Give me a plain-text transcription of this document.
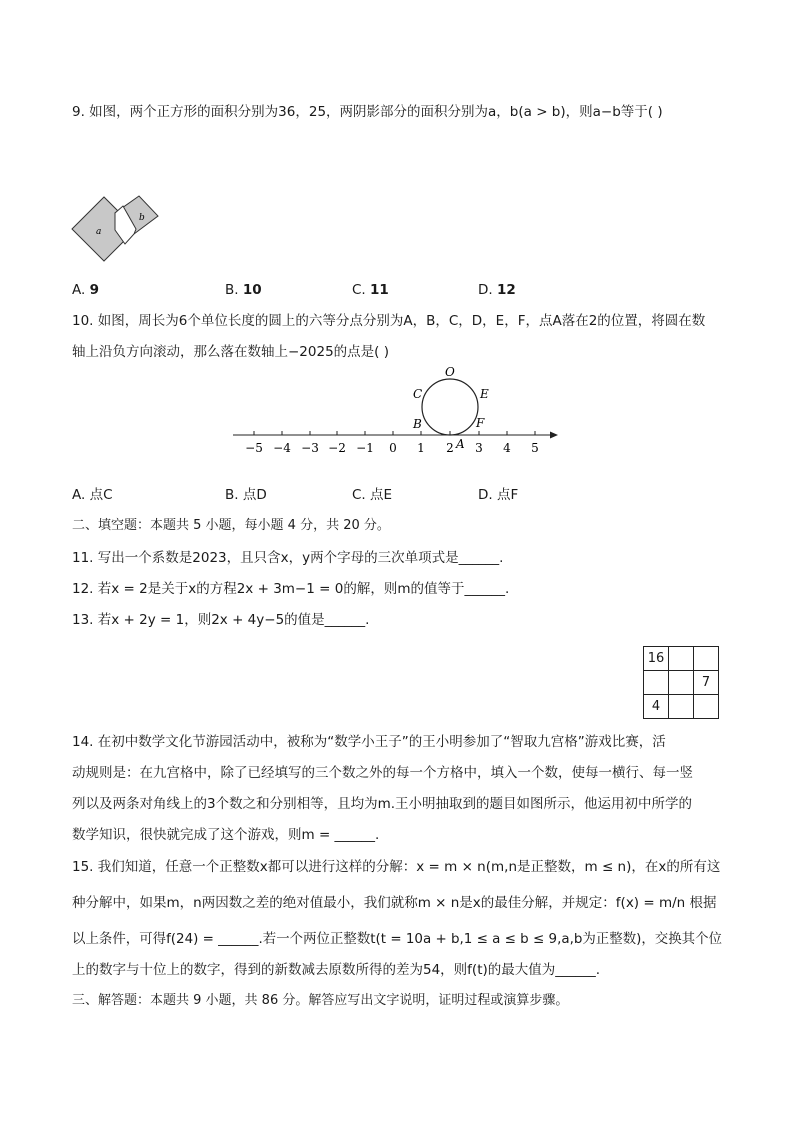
9. 如图，两个正方形的面积分别为36，25，两阴影部分的面积分别为a，b(a > b)，则a−b等于( )
a
b
A. 9	B. 10	C. 11	D. 12
10. 如图，周长为6个单位长度的圆上的六等分点分别为A，B，C，D，E，F，点A落在2的位置，将圆在数
轴上沿负方向滚动，那么落在数轴上−2025的点是( )
−5 −4 −3 −2 −1 0 1 2 3 4 5
O
C	E
B	F
A
A. 点C	B. 点D	C. 点E	D. 点F
二、填空题：本题共 5 小题，每小题 4 分，共 20 分。
11. 写出一个系数是2023，且只含x，y两个字母的三次单项式是______.
12. 若x = 2是关于x的方程2x + 3m−1 = 0的解，则m的值等于______.
13. 若x + 2y = 1，则2x + 4y−5的值是______.
16		
		7
4		
14. 在初中数学文化节游园活动中，被称为“数学小王子”的王小明参加了“智取九宫格”游戏比赛，活
动规则是：在九宫格中，除了已经填写的三个数之外的每一个方格中，填入一个数，使每一横行、每一竖
列以及两条对角线上的3个数之和分别相等，且均为m.王小明抽取到的题目如图所示，他运用初中所学的
数学知识，很快就完成了这个游戏，则m = ______.
15. 我们知道，任意一个正整数x都可以进行这样的分解：x = m × n(m,n是正整数，m ≤ n)，在x的所有这
种分解中，如果m，n两因数之差的绝对值最小，我们就称m × n是x的最佳分解，并规定：f(x) = m/n 根据
以上条件，可得f(24) = ______.若一个两位正整数t(t = 10a + b,1 ≤ a ≤ b ≤ 9,a,b为正整数)，交换其个位
上的数字与十位上的数字，得到的新数减去原数所得的差为54，则f(t)的最大值为______.
三、解答题：本题共 9 小题，共 86 分。解答应写出文字说明，证明过程或演算步骤。
